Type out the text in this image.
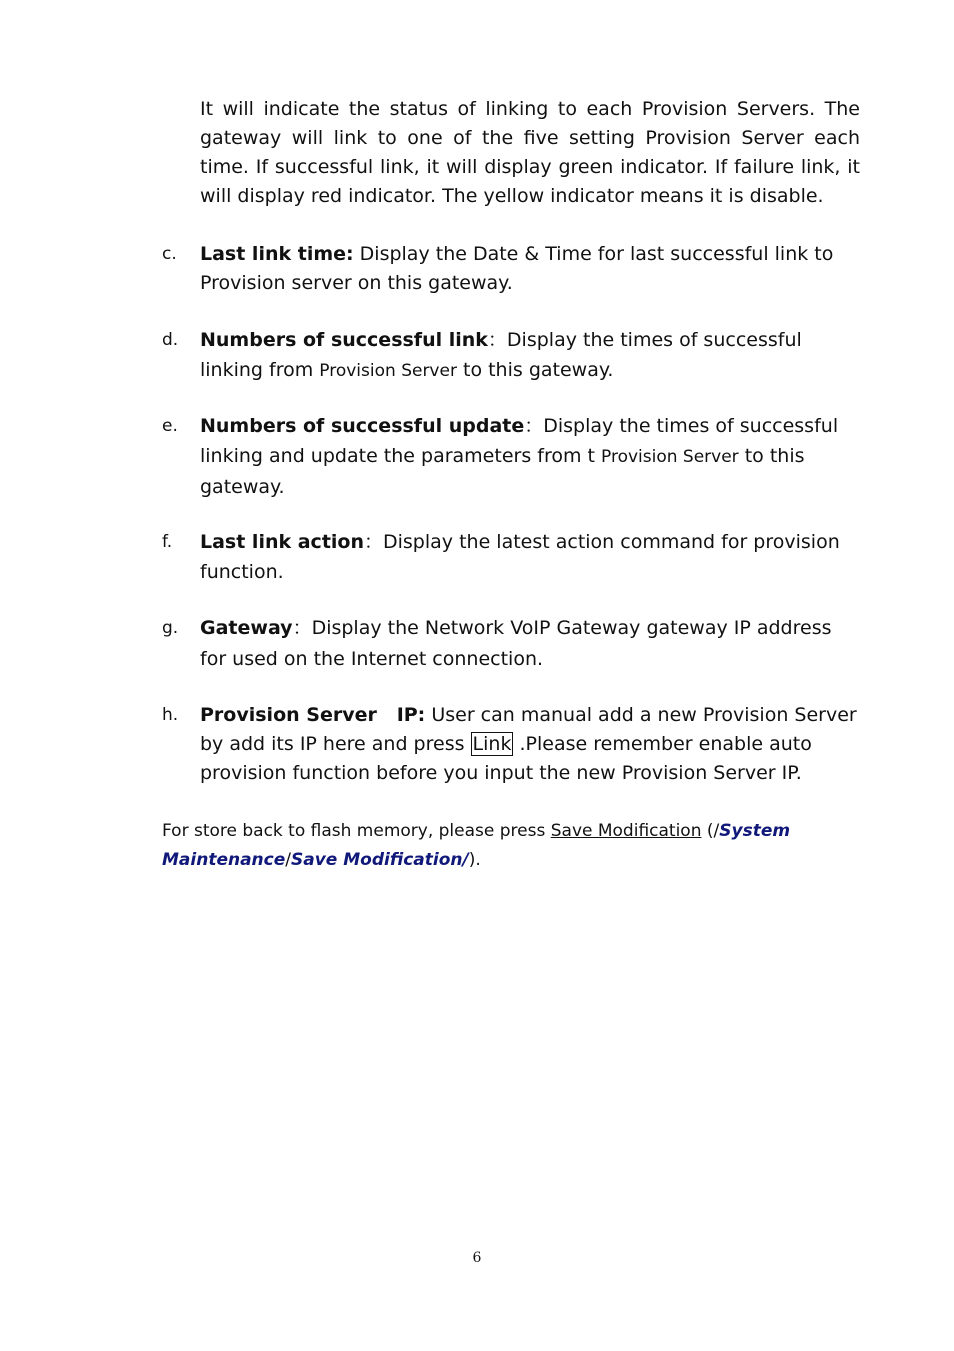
It will indicate the status of linking to each Provision Servers. The gateway will link to one of the five setting Provision Server each time. If successful link, it will display green indicator. If failure link, it will display red indicator. The yellow indicator means it is disable.

c.	Last link time: Display the Date & Time for last successful link to Provision server on this gateway.
d.	Numbers of successful link：Display the times of successful linking from Provision Server to this gateway.
e.	Numbers of successful update：Display the times of successful linking and update the parameters from t Provision Server to this gateway.
f.	Last link action：Display the latest action command for provision function.
g.	Gateway：Display the Network VoIP Gateway gateway IP address for used on the Internet connection.
h.	Provision Server   IP: User can manual add a new Provision Server by add its IP here and press Link .Please remember enable auto provision function before you input the new Provision Server IP.

For store back to flash memory, please press Save Modification (/System Maintenance/Save Modification/).

6
